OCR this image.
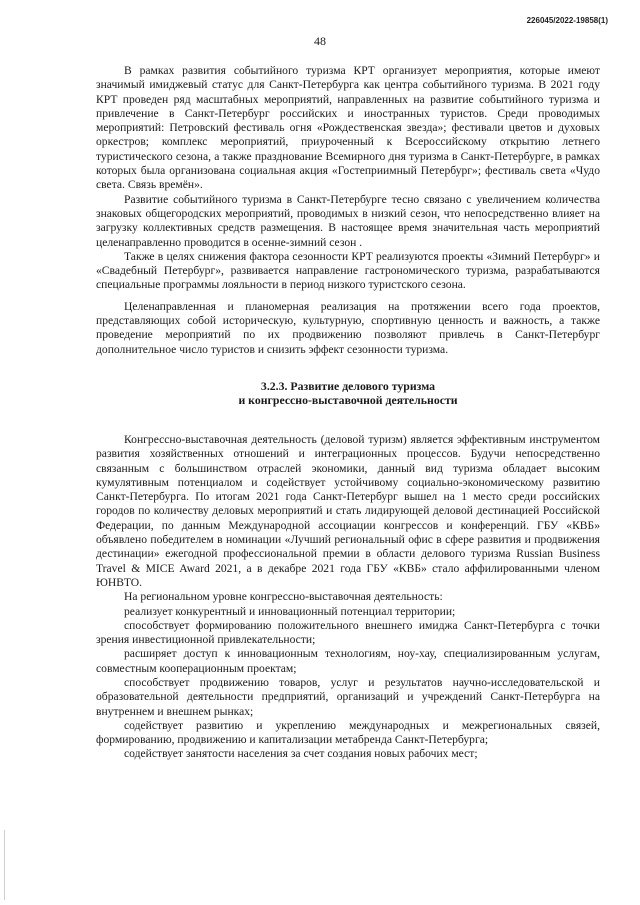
226045/2022-19858(1)
48

В рамках развития событийного туризма КРТ организует мероприятия, которые имеют значимый имиджевый статус для Санкт-Петербурга как центра событийного туризма. В 2021 году КРТ проведен ряд масштабных мероприятий, направленных на развитие событийного туризма и привлечение в Санкт-Петербург российских и иностранных туристов. Среди проводимых мероприятий: Петровский фестиваль огня «Рождественская звезда»; фестивали цветов и духовых оркестров; комплекс мероприятий, приуроченный к Всероссийскому открытию летнего туристического сезона, а также празднование Всемирного дня туризма в Санкт-Петербурге, в рамках которых была организована социальная акция «Гостеприимный Петербург»; фестиваль света «Чудо света. Связь времён».

Развитие событийного туризма в Санкт-Петербурге тесно связано с увеличением количества знаковых общегородских мероприятий, проводимых в низкий сезон, что непосредственно влияет на загрузку коллективных средств размещения. В настоящее время значительная часть мероприятий целенаправленно проводится в осенне-зимний сезон .

Также в целях снижения фактора сезонности КРТ реализуются проекты «Зимний Петербург» и «Свадебный Петербург», развивается направление гастрономического туризма, разрабатываются специальные программы лояльности в период низкого туристского сезона.

Целенаправленная и планомерная реализация на протяжении всего года проектов, представляющих собой историческую, культурную, спортивную ценность и важность, а также проведение мероприятий по их продвижению позволяют привлечь в Санкт-Петербург дополнительное число туристов и снизить эффект сезонности туризма.

3.2.3. Развитие делового туризма
и конгрессно-выставочной деятельности

Конгрессно-выставочная деятельность (деловой туризм) является эффективным инструментом развития хозяйственных отношений и интеграционных процессов. Будучи непосредственно связанным с большинством отраслей экономики, данный вид туризма обладает высоким кумулятивным потенциалом и содействует устойчивому социально-экономическому развитию Санкт-Петербурга. По итогам 2021 года Санкт-Петербург вышел на 1 место среди российских городов по количеству деловых мероприятий и стать лидирующей деловой дестинацией Российской Федерации, по данным Международной ассоциации конгрессов и конференций. ГБУ «КВБ» объявлено победителем в номинации «Лучший региональный офис в сфере развития и продвижения дестинации» ежегодной профессиональной премии в области делового туризма Russian Business Travel & MICE Award 2021, а в декабре 2021 года ГБУ «КВБ» стало аффилированными членом ЮНВТО.

На региональном уровне конгрессно-выставочная деятельность:

реализует конкурентный и инновационный потенциал территории;

способствует формированию положительного внешнего имиджа Санкт-Петербурга с точки зрения инвестиционной привлекательности;

расширяет доступ к инновационным технологиям, ноу-хау, специализированным услугам, совместным кооперационным проектам;

способствует продвижению товаров, услуг и результатов научно-исследовательской и образовательной деятельности предприятий, организаций и учреждений Санкт-Петербурга на внутреннем и внешнем рынках;

содействует развитию и укреплению международных и межрегиональных связей, формированию, продвижению и капитализации метабренда Санкт-Петербурга;

содействует занятости населения за счет создания новых рабочих мест;
